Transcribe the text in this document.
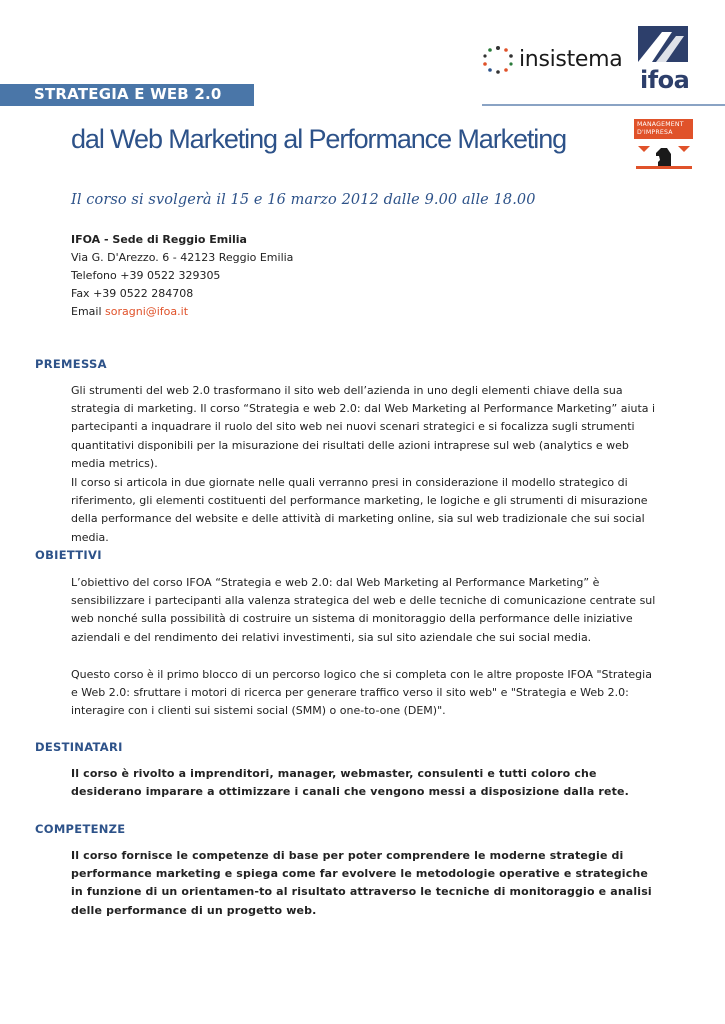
STRATEGIA E WEB 2.0
insistema
ifoa
MANAGEMENT
D'IMPRESA
dal Web Marketing al Performance Marketing
Il corso si svolgerà il 15 e 16 marzo 2012 dalle 9.00 alle 18.00
IFOA - Sede di Reggio Emilia
Via G. D'Arezzo. 6 - 42123 Reggio Emilia
Telefono +39 0522 329305
Fax +39 0522 284708
Email soragni@ifoa.it
PREMESSA

Gli strumenti del web 2.0 trasformano il sito web dell’azienda in uno degli elementi chiave della sua strategia di marketing. Il corso “Strategia e web 2.0: dal Web Marketing al Performance Marketing” aiuta i partecipanti a inquadrare il ruolo del sito web nei nuovi scenari strategici e si focalizza sugli strumenti quantitativi disponibili per la misurazione dei risultati delle azioni intraprese sul web (analytics e web media metrics).

Il corso si articola in due giornate nelle quali verranno presi in considerazione il modello strategico di riferimento, gli elementi costituenti del performance marketing, le logiche e gli strumenti di misurazione della performance del website e delle attività di marketing online, sia sul web tradizionale che sui social media.

OBIETTIVI

L’obiettivo del corso IFOA “Strategia e web 2.0: dal Web Marketing al Performance Marketing” è sensibilizzare i partecipanti alla valenza strategica del web e delle tecniche di comunicazione centrate sul web nonché sulla possibilità di costruire un sistema di monitoraggio della performance delle iniziative aziendali e del rendimento dei relativi investimenti, sia sul sito aziendale che sui social media.

Questo corso è il primo blocco di un percorso logico che si completa con le altre proposte IFOA "Strategia e Web 2.0: sfruttare i motori di ricerca per generare traffico verso il sito web" e "Strategia e Web 2.0: interagire con i clienti sui sistemi social (SMM) o one-to-one (DEM)".

DESTINATARI

Il corso è rivolto a imprenditori, manager, webmaster, consulenti e tutti coloro che desiderano imparare a ottimizzare i canali che vengono messi a disposizione dalla rete.

COMPETENZE

Il corso fornisce le competenze di base per poter comprendere le moderne strategie di performance marketing e spiega come far evolvere le metodologie operative e strategiche in funzione di un orientamen-to al risultato attraverso le tecniche di monitoraggio e analisi delle performance di un progetto web.
